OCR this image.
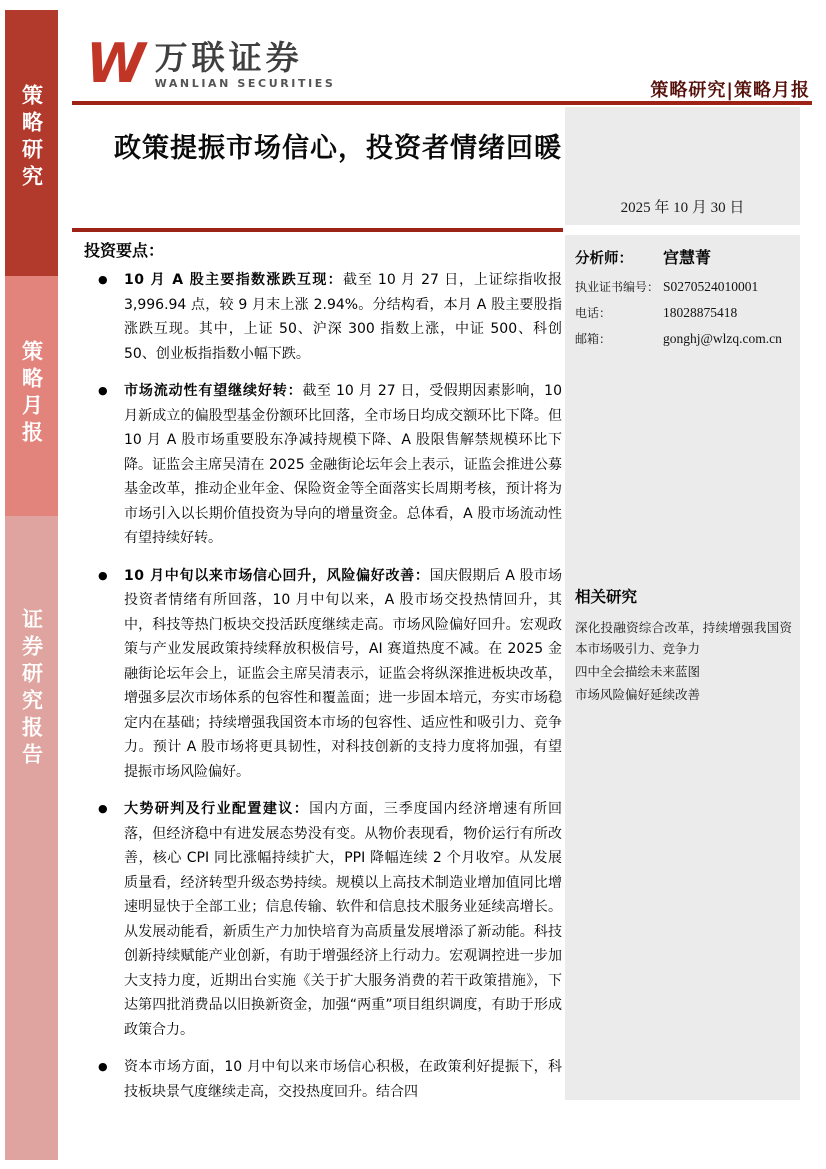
策略研究
策略月报
证券研究报告
W 万联证券
WANLIAN SECURITIES	策略研究|策略月报
政策提振市场信心，投资者情绪回暖
2025 年 10 月 30 日
投资要点：
●	10 月 A 股主要指数涨跌互现：截至 10 月 27 日，上证综指收报 3,996.94 点，较 9 月末上涨 2.94%。分结构看，本月 A 股主要股指涨跌互现。其中，上证 50、沪深 300 指数上涨，中证 500、科创 50、创业板指指数小幅下跌。
●	市场流动性有望继续好转：截至 10 月 27 日，受假期因素影响，10 月新成立的偏股型基金份额环比回落，全市场日均成交额环比下降。但 10 月 A 股市场重要股东净减持规模下降、A 股限售解禁规模环比下降。证监会主席吴清在 2025 金融街论坛年会上表示，证监会推进公募基金改革，推动企业年金、保险资金等全面落实长周期考核，预计将为市场引入以长期价值投资为导向的增量资金。总体看，A 股市场流动性有望持续好转。
●	10 月中旬以来市场信心回升，风险偏好改善：国庆假期后 A 股市场投资者情绪有所回落，10 月中旬以来，A 股市场交投热情回升，其中，科技等热门板块交投活跃度继续走高。市场风险偏好回升。宏观政策与产业发展政策持续释放积极信号，AI 赛道热度不减。在 2025 金融街论坛年会上，证监会主席吴清表示，证监会将纵深推进板块改革，增强多层次市场体系的包容性和覆盖面；进一步固本培元，夯实市场稳定内在基础；持续增强我国资本市场的包容性、适应性和吸引力、竞争力。预计 A 股市场将更具韧性，对科技创新的支持力度将加强，有望提振市场风险偏好。
●	大势研判及行业配置建议：国内方面，三季度国内经济增速有所回落，但经济稳中有进发展态势没有变。从物价表现看，物价运行有所改善，核心 CPI 同比涨幅持续扩大，PPI 降幅连续 2 个月收窄。从发展质量看，经济转型升级态势持续。规模以上高技术制造业增加值同比增速明显快于全部工业；信息传输、软件和信息技术服务业延续高增长。从发展动能看，新质生产力加快培育为高质量发展增添了新动能。科技创新持续赋能产业创新，有助于增强经济上行动力。宏观调控进一步加大支持力度，近期出台实施《关于扩大服务消费的若干政策措施》，下达第四批消费品以旧换新资金，加强“两重”项目组织调度，有助于形成政策合力。
●	资本市场方面，10 月中旬以来市场信心积极，在政策利好提振下，科技板块景气度继续走高，交投热度回升。结合四
分析师：	宫慧菁
执业证书编号： S0270524010001
电话：	18028875418
邮箱：	gonghj@wlzq.com.cn
相关研究
深化投融资综合改革，持续增强我国资本市场吸引力、竞争力
四中全会描绘未来蓝图
市场风险偏好延续改善
